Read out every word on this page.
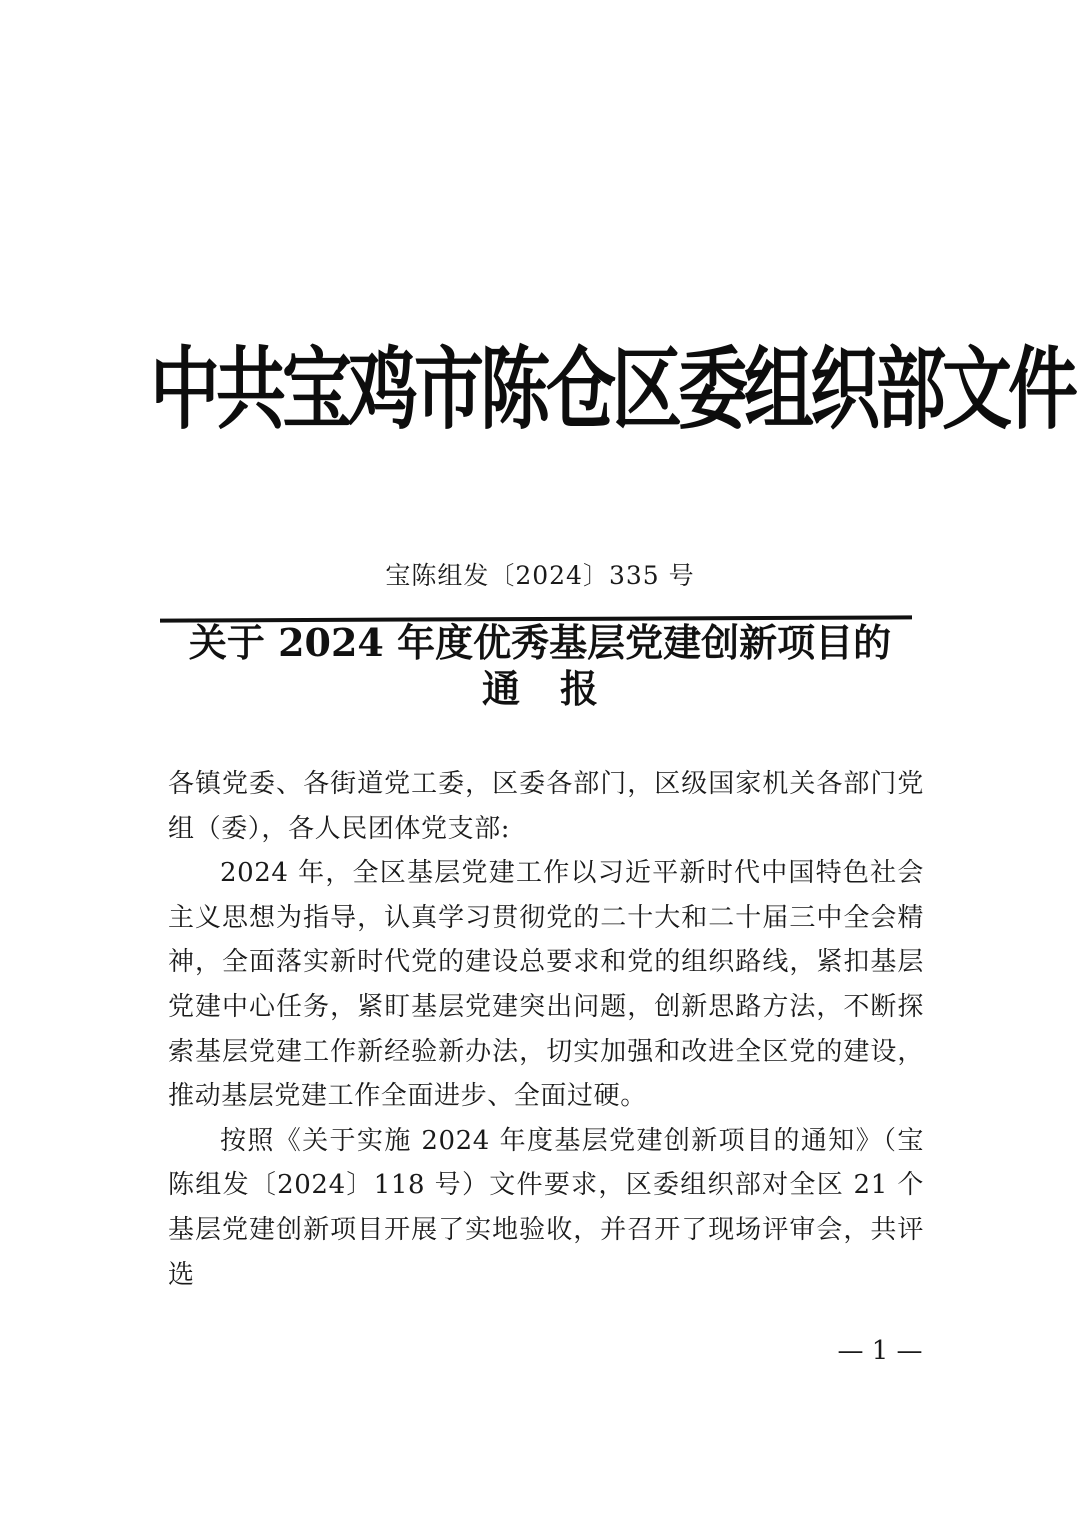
中共宝鸡市陈仓区委组织部文件
宝陈组发〔2024〕335 号
关于 2024 年度优秀基层党建创新项目的
通报

各镇党委、各街道党工委，区委各部门，区级国家机关各部门党组（委），各人民团体党支部:

2024 年，全区基层党建工作以习近平新时代中国特色社会主义思想为指导，认真学习贯彻党的二十大和二十届三中全会精神，全面落实新时代党的建设总要求和党的组织路线，紧扣基层党建中心任务，紧盯基层党建突出问题，创新思路方法，不断探索基层党建工作新经验新办法，切实加强和改进全区党的建设，推动基层党建工作全面进步、全面过硬。

按照《关于实施 2024 年度基层党建创新项目的通知》（宝陈组发〔2024〕118 号）文件要求，区委组织部对全区 21 个基层党建创新项目开展了实地验收，并召开了现场评审会，共评选

— 1 —
